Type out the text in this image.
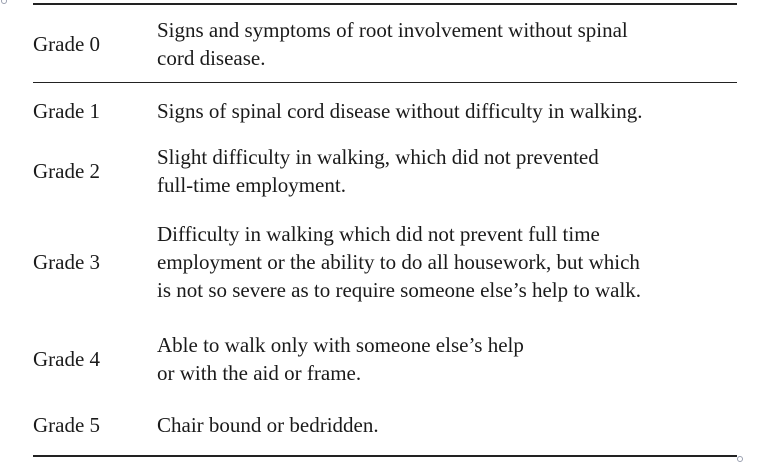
Grade 0
Signs and symptoms of root involvement without spinal
cord disease.
Grade 1	Signs of spinal cord disease without difficulty in walking.
Grade 2
Slight difficulty in walking, which did not prevented
full-time employment.
Grade 3
Difficulty in walking which did not prevent full time
employment or the ability to do all housework, but which
is not so severe as to require someone else’s help to walk.
Grade 4
Able to walk only with someone else’s help
or with the aid or frame.
Grade 5	Chair bound or bedridden.
